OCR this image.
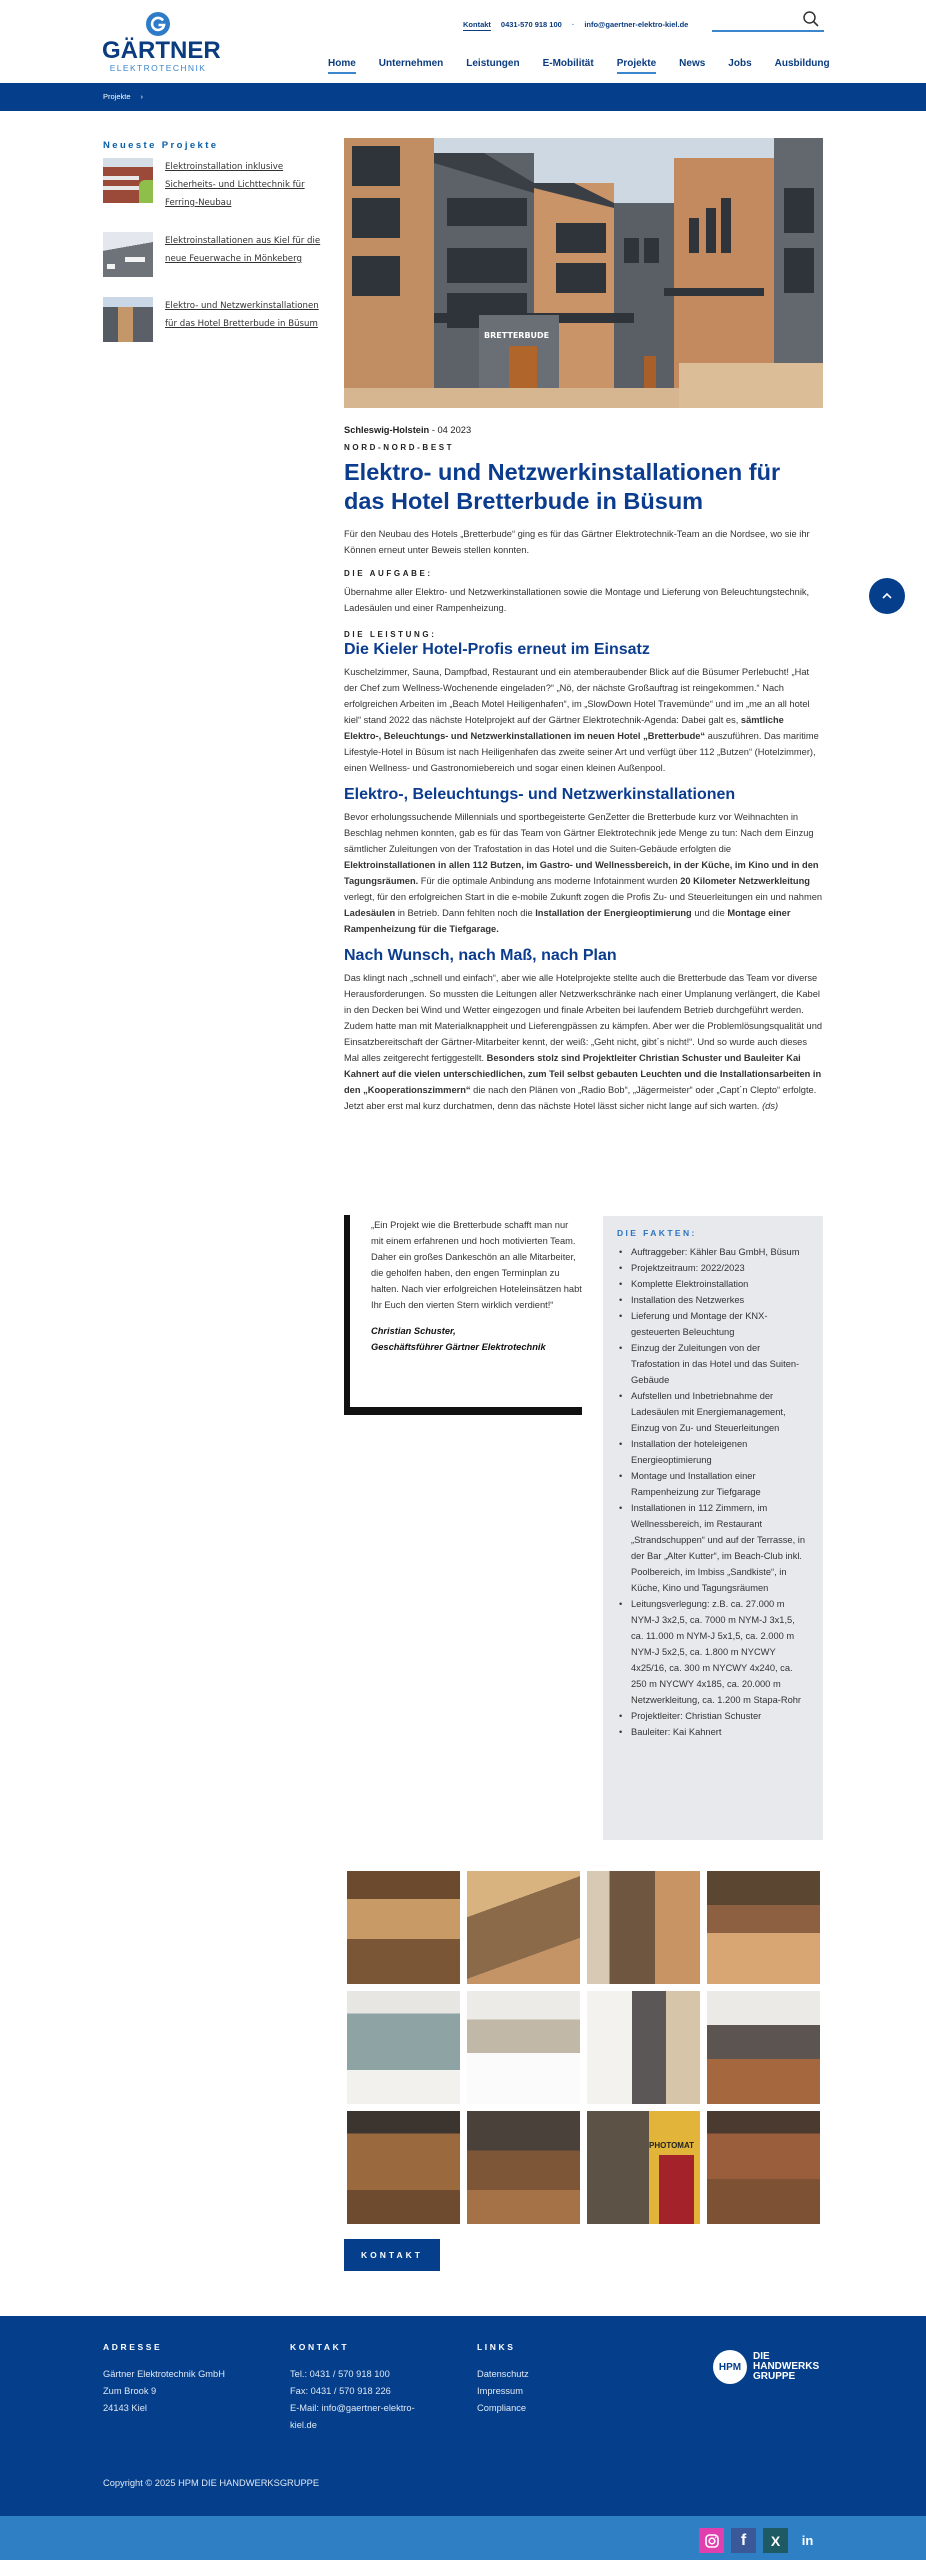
GÄRTNER
ELEKTROTECHNIK
Kontakt 0431-570 918 100 · info@gaertner-elektro-kiel.de
Home Unternehmen Leistungen E-Mobilität Projekte News Jobs Ausbildung
Projekte ›
Neueste Projekte
Elektroinstallation inklusive Sicherheits- und Lichttechnik für Ferring-Neubau
Elektroinstallationen aus Kiel für die neue Feuerwache in Mönkeberg
Elektro- und Netzwerkinstallationen für das Hotel Bretterbude in Büsum
BRETTERBUDE
Schleswig-Holstein - 04 2023
NORD-NORD-BEST
Elektro- und Netzwerkinstallationen für das Hotel Bretterbude in Büsum

Für den Neubau des Hotels „Bretterbude“ ging es für das Gärtner Elektrotechnik-Team an die Nordsee, wo sie ihr Können erneut unter Beweis stellen konnten.

DIE AUFGABE:

Übernahme aller Elektro- und Netzwerkinstallationen sowie die Montage und Lieferung von Beleuchtungstechnik, Ladesäulen und einer Rampenheizung.

DIE LEISTUNG:
Die Kieler Hotel-Profis erneut im Einsatz

Kuschelzimmer, Sauna, Dampfbad, Restaurant und ein atemberaubender Blick auf die Büsumer Perlebucht! „Hat der Chef zum Wellness-Wochenende eingeladen?“ „Nö, der nächste Großauftrag ist reingekommen.“ Nach erfolgreichen Arbeiten im „Beach Motel Heiligenhafen“, im „SlowDown Hotel Travemünde“ und im „me an all hotel kiel“ stand 2022 das nächste Hotelprojekt auf der Gärtner Elektrotechnik-Agenda: Dabei galt es, sämtliche Elektro-, Beleuchtungs- und Netzwerkinstallationen im neuen Hotel „Bretterbude“ auszuführen. Das maritime Lifestyle-Hotel in Büsum ist nach Heiligenhafen das zweite seiner Art und verfügt über 112 „Butzen“ (Hotelzimmer), einen Wellness- und Gastronomiebereich und sogar einen kleinen Außenpool.

Elektro-, Beleuchtungs- und Netzwerkinstallationen

Bevor erholungssuchende Millennials und sportbegeisterte GenZetter die Bretterbude kurz vor Weihnachten in Beschlag nehmen konnten, gab es für das Team von Gärtner Elektrotechnik jede Menge zu tun: Nach dem Einzug sämtlicher Zuleitungen von der Trafostation in das Hotel und die Suiten-Gebäude erfolgten die Elektroinstallationen in allen 112 Butzen, im Gastro- und Wellnessbereich, in der Küche, im Kino und in den Tagungsräumen. Für die optimale Anbindung ans moderne Infotainment wurden 20 Kilometer Netzwerkleitung verlegt, für den erfolgreichen Start in die e-mobile Zukunft zogen die Profis Zu- und Steuerleitungen ein und nahmen Ladesäulen in Betrieb. Dann fehlten noch die Installation der Energieoptimierung und die Montage einer Rampenheizung für die Tiefgarage.

Nach Wunsch, nach Maß, nach Plan

Das klingt nach „schnell und einfach“, aber wie alle Hotelprojekte stellte auch die Bretterbude das Team vor diverse Herausforderungen. So mussten die Leitungen aller Netzwerkschränke nach einer Umplanung verlängert, die Kabel in den Decken bei Wind und Wetter eingezogen und finale Arbeiten bei laufendem Betrieb durchgeführt werden. Zudem hatte man mit Materialknappheit und Lieferengpässen zu kämpfen. Aber wer die Problemlösungsqualität und Einsatzbereitschaft der Gärtner-Mitarbeiter kennt, der weiß: „Geht nicht, gibt´s nicht!“. Und so wurde auch dieses Mal alles zeitgerecht fertiggestellt. Besonders stolz sind Projektleiter Christian Schuster und Bauleiter Kai Kahnert auf die vielen unterschiedlichen, zum Teil selbst gebauten Leuchten und die Installationsarbeiten in den „Kooperationszimmern“ die nach den Plänen von „Radio Bob“, „Jägermeister“ oder „Capt´n Clepto“ erfolgte. Jetzt aber erst mal kurz durchatmen, denn das nächste Hotel lässt sicher nicht lange auf sich warten. (ds)

„Ein Projekt wie die Bretterbude schafft man nur mit einem erfahrenen und hoch motivierten Team. Daher ein großes Dankeschön an alle Mitarbeiter, die geholfen haben, den engen Terminplan zu halten. Nach vier erfolgreichen Hoteleinsätzen habt Ihr Euch den vierten Stern wirklich verdient!“

Christian Schuster,
Geschäftsführer Gärtner Elektrotechnik

DIE FAKTEN:
• Auftraggeber: Kähler Bau GmbH, Büsum
• Projektzeitraum: 2022/2023
• Komplette Elektroinstallation
• Installation des Netzwerkes
• Lieferung und Montage der KNX-gesteuerten Beleuchtung
• Einzug der Zuleitungen von der Trafostation in das Hotel und das Suiten-Gebäude
• Aufstellen und Inbetriebnahme der Ladesäulen mit Energiemanagement, Einzug von Zu- und Steuerleitungen
• Installation der hoteleigenen Energieoptimierung
• Montage und Installation einer Rampenheizung zur Tiefgarage
• Installationen in 112 Zimmern, im Wellnessbereich, im Restaurant „Strandschuppen“ und auf der Terrasse, in der Bar „Alter Kutter“, im Beach-Club inkl. Poolbereich, im Imbiss „Sandkiste“, in Küche, Kino und Tagungsräumen
• Leitungsverlegung: z.B. ca. 27.000 m NYM-J 3x2,5, ca. 7000 m NYM-J 3x1,5, ca. 11.000 m NYM-J 5x1,5, ca. 2.000 m NYM-J 5x2,5, ca. 1.800 m NYCWY 4x25/16, ca. 300 m NYCWY 4x240, ca. 250 m NYCWY 4x185, ca. 20.000 m Netzwerkleitung, ca. 1.200 m Stapa-Rohr
• Projektleiter: Christian Schuster
• Bauleiter: Kai Kahnert
PHOTOMAT
KONTAKT
ADRESSE
Gärtner Elektrotechnik GmbH
Zum Brook 9
24143 Kiel
KONTAKT
Tel.: 0431 / 570 918 100
Fax: 0431 / 570 918 226
E-Mail: info@gaertner-elektro-kiel.de
LINKS
Datenschutz
Impressum
Compliance
HPM
DIE
HANDWERKS
GRUPPE
Copyright © 2025 HPM DIE HANDWERKSGRUPPE
f	X	in
